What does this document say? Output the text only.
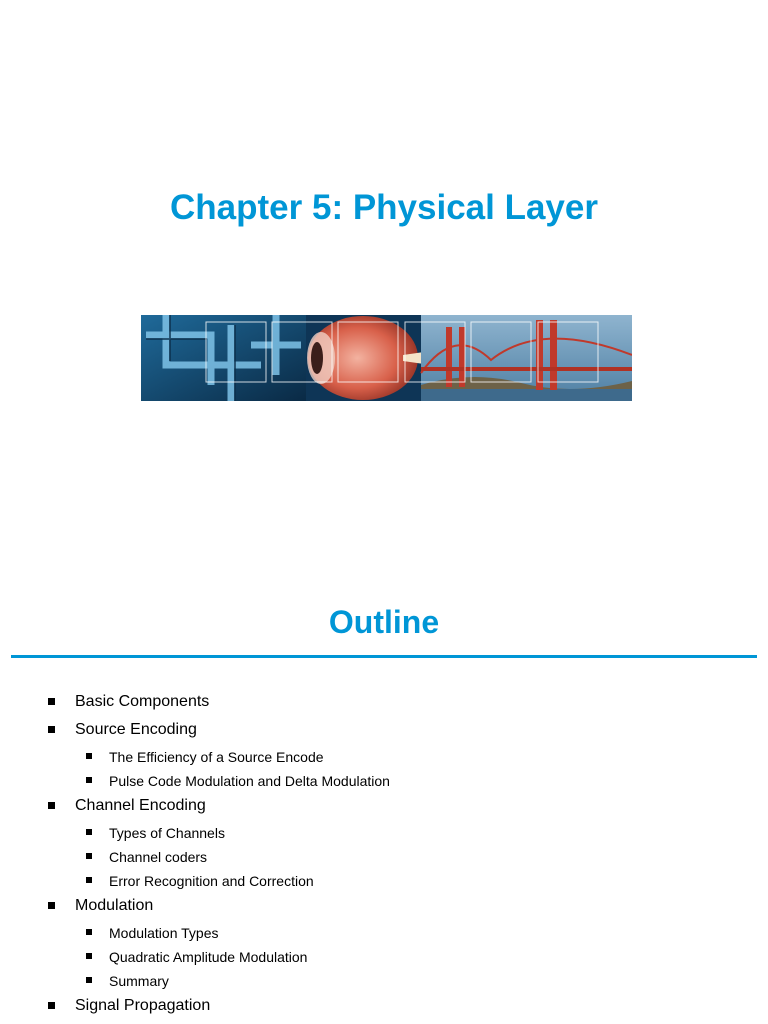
Chapter 5: Physical Layer
Outline
Basic Components
Source Encoding
The Efficiency of a Source Encode
Pulse Code Modulation and Delta Modulation
Channel Encoding
Types of Channels
Channel coders
Error Recognition and Correction
Modulation
Modulation Types
Quadratic Amplitude Modulation
Summary
Signal Propagation
